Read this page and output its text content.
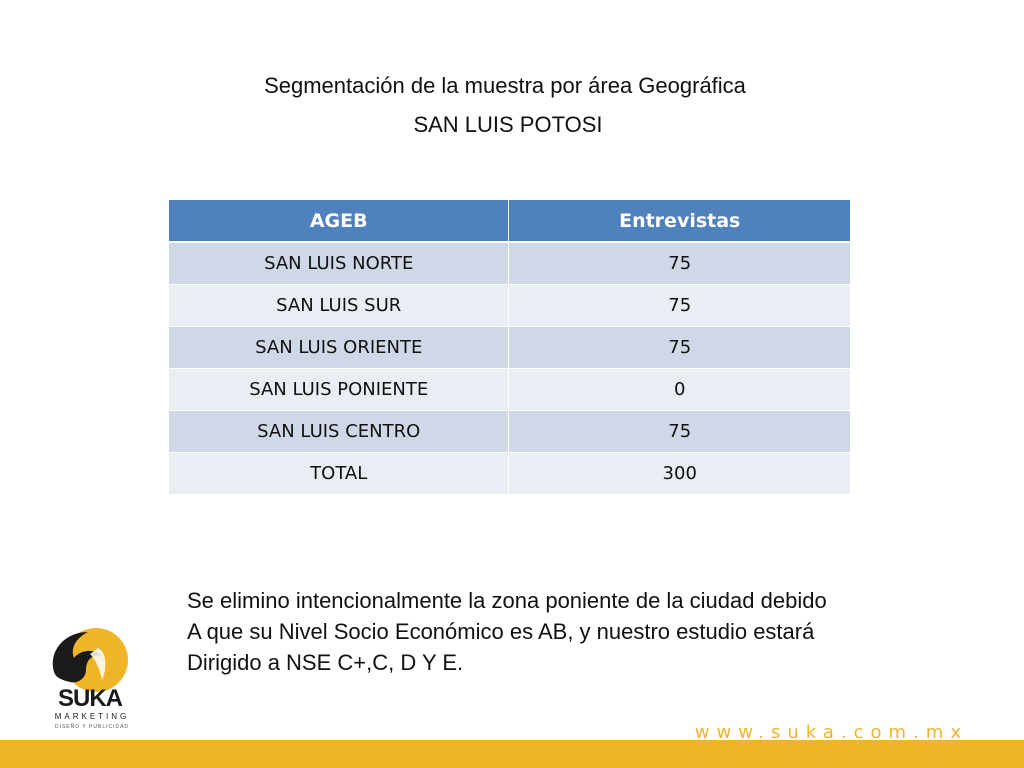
Segmentación de la muestra por área Geográfica
SAN LUIS POTOSI
AGEB	Entrevistas
SAN LUIS NORTE	75
SAN LUIS SUR	75
SAN LUIS ORIENTE	75
SAN LUIS PONIENTE	0
SAN LUIS CENTRO	75
TOTAL	300
Se elimino intencionalmente la zona poniente de la ciudad debido
A que su Nivel Socio Económico es AB, y nuestro estudio estará
Dirigido a NSE C+,C, D Y E.
SUKA
MARKETING
DISEÑO Y PUBLICIDAD	www.suka.com.mx
